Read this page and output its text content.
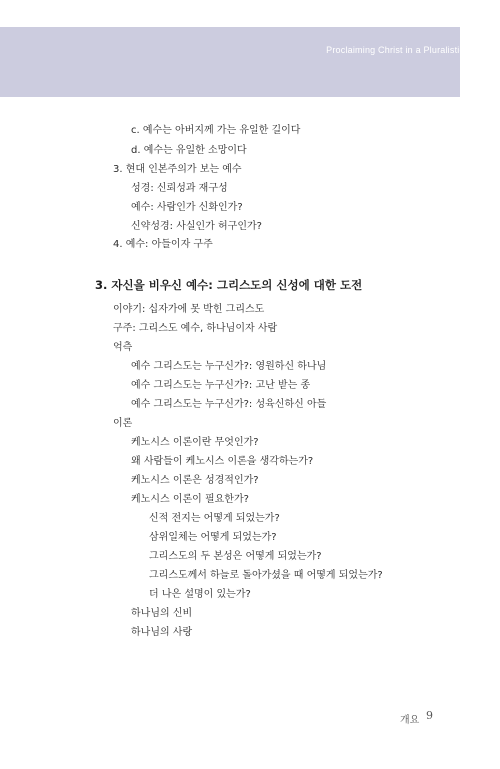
Proclaiming Christ in a Pluralistic Age
c. 예수는 아버지께 가는 유일한 길이다
d. 예수는 유일한 소망이다
3. 현대 인본주의가 보는 예수
성경: 신뢰성과 재구성
예수: 사람인가 신화인가?
신약성경: 사실인가 허구인가?
4. 예수: 아들이자 구주
3. 자신을 비우신 예수: 그리스도의 신성에 대한 도전
이야기: 십자가에 못 박힌 그리스도
구주: 그리스도 예수, 하나님이자 사람
억측
예수 그리스도는 누구신가?: 영원하신 하나님
예수 그리스도는 누구신가?: 고난 받는 종
예수 그리스도는 누구신가?: 성육신하신 아들
이론
케노시스 이론이란 무엇인가?
왜 사람들이 케노시스 이론을 생각하는가?
케노시스 이론은 성경적인가?
케노시스 이론이 필요한가?
신적 전지는 어떻게 되었는가?
삼위일체는 어떻게 되었는가?
그리스도의 두 본성은 어떻게 되었는가?
그리스도께서 하늘로 돌아가셨을 때 어떻게 되었는가?
더 나은 설명이 있는가?
하나님의 신비
하나님의 사랑
개요 9
